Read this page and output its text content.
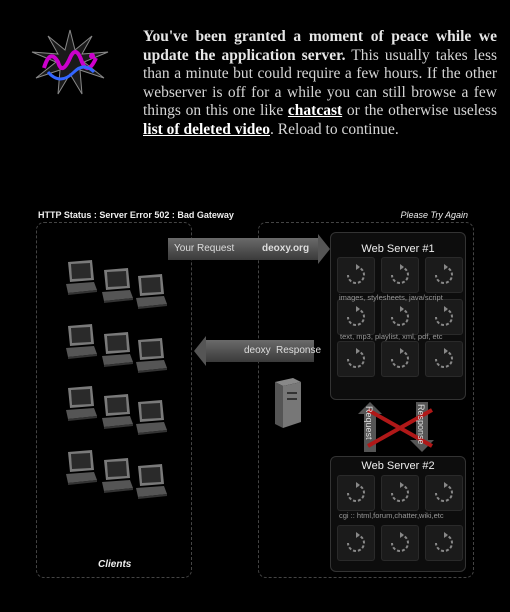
You've been granted a moment of peace while we update the application server. This usually takes less than a minute but could require a few hours. If the other webserver is off for a while you can still browse a few things on this one like chatcast or the otherwise useless list of deleted video. Reload to continue.
HTTP Status : Server Error 502 : Bad Gateway	Please Try Again
Clients
Your Request	deoxy.org
deoxy Response
Web Server #1
images, stylesheets, java/script
text, mp3, playlist, xml, pdf, etc
Request	Response
Web Server #2
cgi :: html,forum,chatter,wiki,etc
